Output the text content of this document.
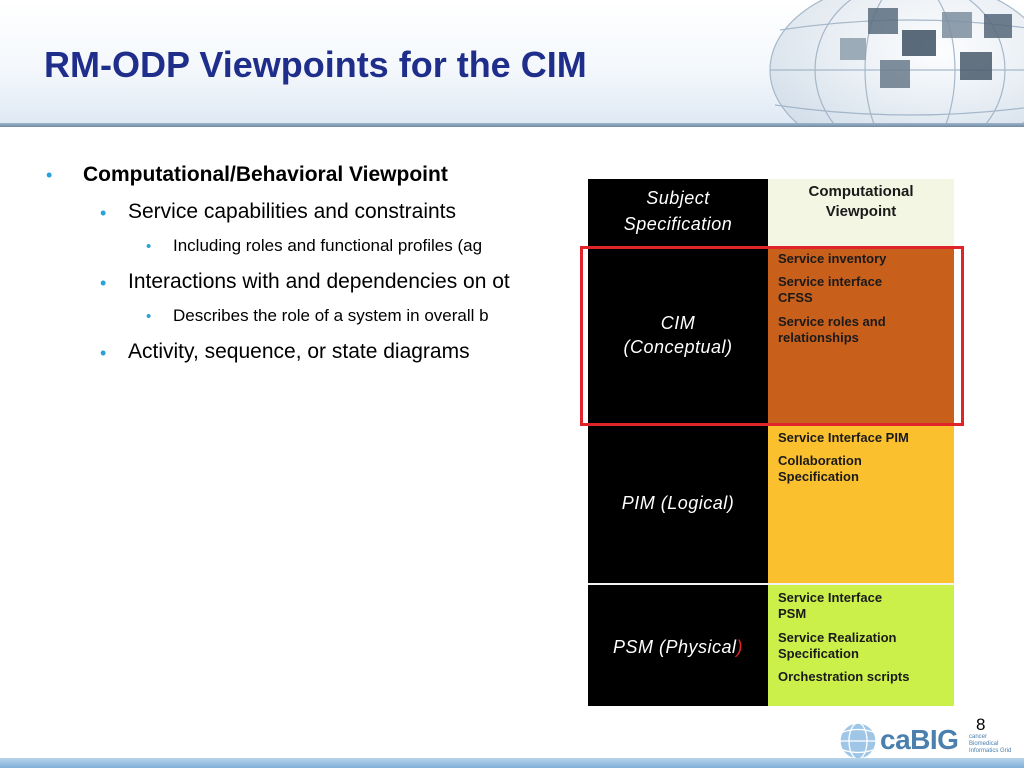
RM-ODP Viewpoints for the CIM
• Computational/Behavioral Viewpoint
• Service capabilities and constraints
• Including roles and functional profiles (ag
• Interactions with and dependencies on ot
• Describes the role of a system in overall b
• Activity, sequence, or state diagrams
Subject
Specification
Computational
Viewpoint
CIM
(Conceptual)
Service inventory
Service interface
CFSS
Service roles and
relationships
PIM (Logical)
Service Interface PIM
Collaboration
Specification
PSM (Physical)
Service Interface
PSM
Service Realization
Specification
Orchestration scripts
8
caBIG cancer Biomedical
Informatics Grid
